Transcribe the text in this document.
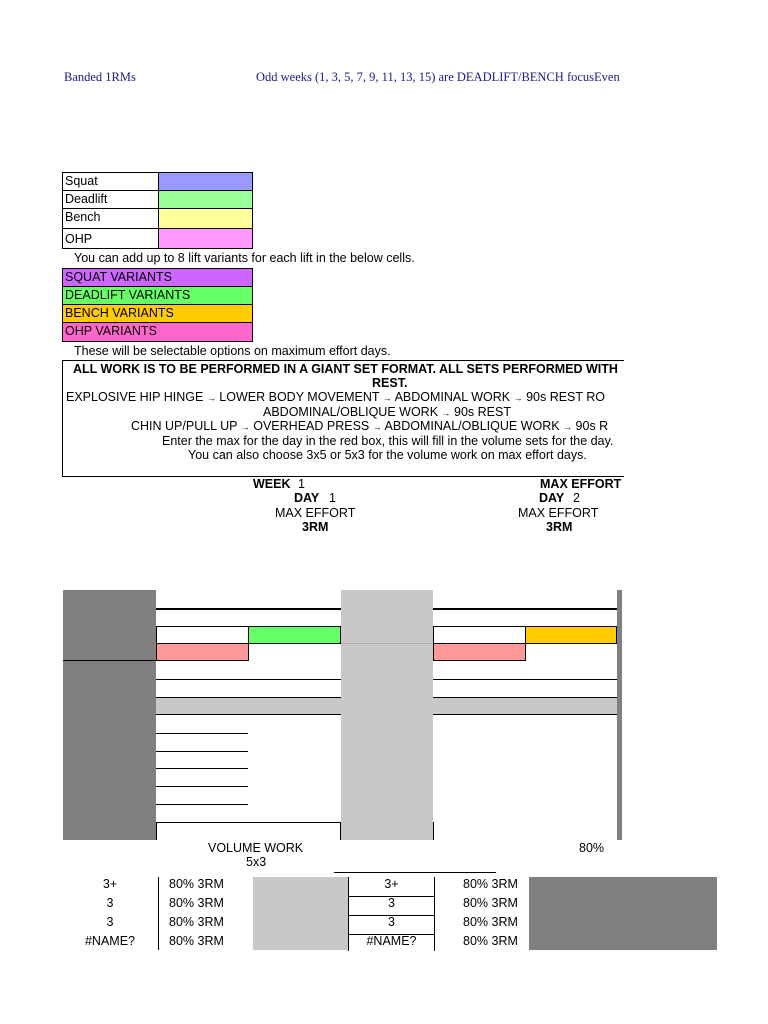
Banded 1RMs	Odd weeks (1, 3, 5, 7, 9, 11, 13, 15) are DEADLIFT/BENCH focusEven
Squat
Deadlift
Bench
OHP
You can add up to 8 lift variants for each lift in the below cells.
SQUAT VARIANTS
DEADLIFT VARIANTS
BENCH VARIANTS
OHP VARIANTS
These will be selectable options on maximum effort days.
ALL WORK IS TO BE PERFORMED IN A GIANT SET FORMAT. ALL SETS PERFORMED WITH
REST.
EXPLOSIVE HIP HINGE → LOWER BODY MOVEMENT → ABDOMINAL WORK → 90s REST RO
ABDOMINAL/OBLIQUE WORK → 90s REST
CHIN UP/PULL UP → OVERHEAD PRESS → ABDOMINAL/OBLIQUE WORK → 90s R
Enter the max for the day in the red box, this will fill in the volume sets for the day.
You can also choose 3x5 or 5x3 for the volume work on max effort days.
WEEK 1
DAY 1
MAX EFFORT
3RM
MAX EFFORT
DAY 2
MAX EFFORT
3RM
VOLUME WORK
5x3
80%
3+	80% 3RM
3	80% 3RM
3	80% 3RM
#NAME?	80% 3RM
3+	80% 3RM
3	80% 3RM
3	80% 3RM
#NAME?	80% 3RM
